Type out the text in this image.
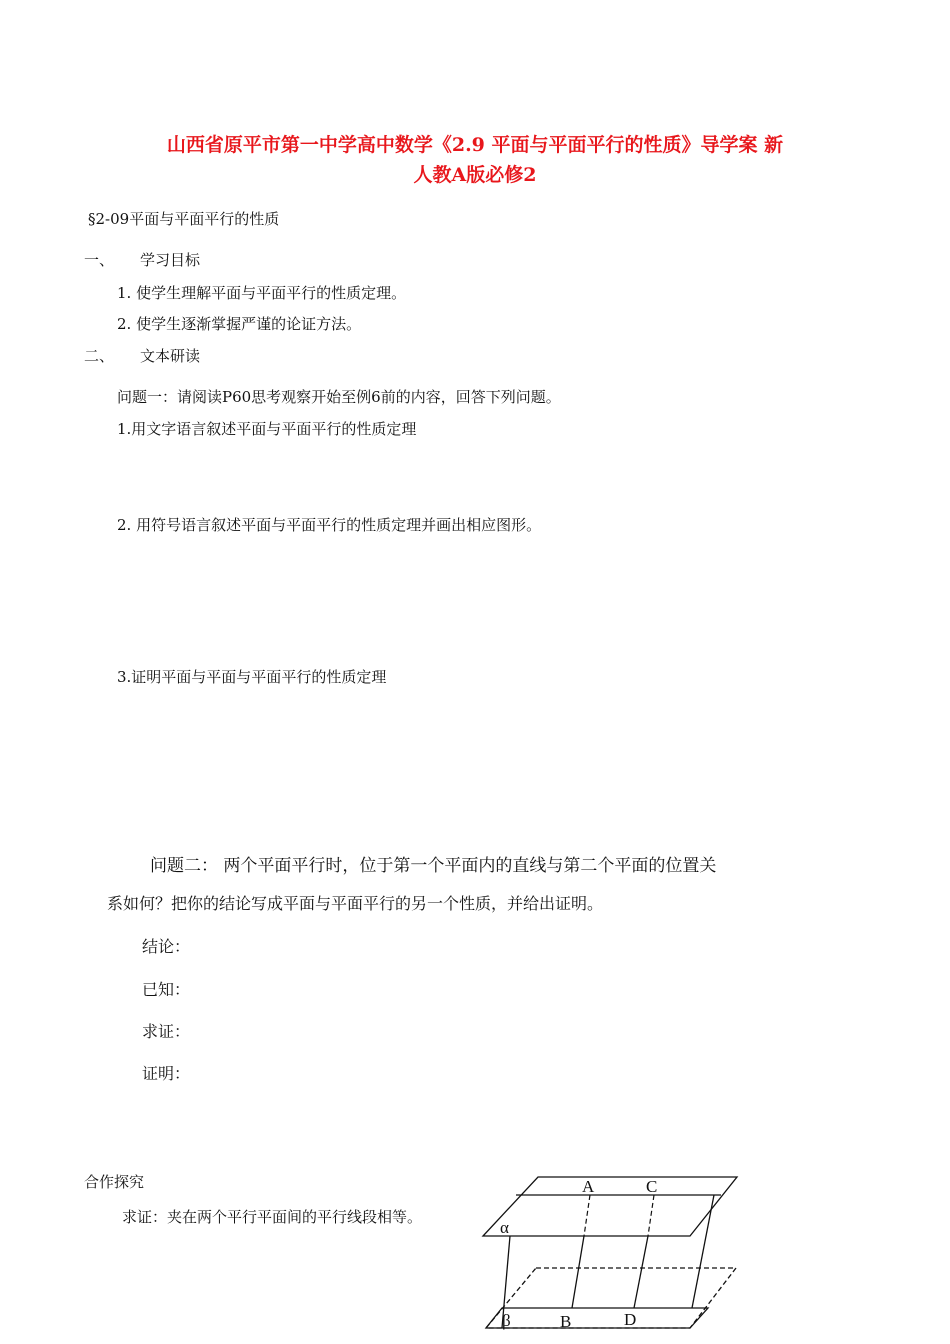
山西省原平市第一中学高中数学《2.9 平面与平面平行的性质》导学案 新
人教A版必修2
§2-09平面与平面平行的性质
一、 学习目标
1. 使学生理解平面与平面平行的性质定理。
2. 使学生逐渐掌握严谨的论证方法。
二、 文本研读
问题一：请阅读P60思考观察开始至例6前的内容，回答下列问题。
1.用文字语言叙述平面与平面平行的性质定理
2. 用符号语言叙述平面与平面平行的性质定理并画出相应图形。
3.证明平面与平面与平面平行的性质定理
问题二： 两个平面平行时，位于第一个平面内的直线与第二个平面的位置关
系如何？把你的结论写成平面与平面平行的另一个性质，并给出证明。
结论：
已知：
求证：
证明：
合作探究
求证：夹在两个平行平面间的平行线段相等。
A	C
B	D
α
β
